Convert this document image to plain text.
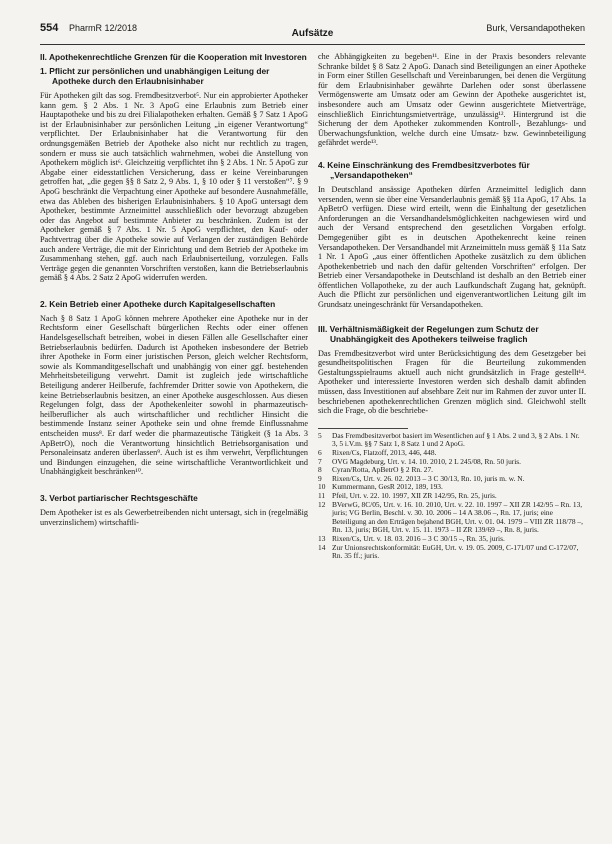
554 PharmR 12/2018	Aufsätze	Burk, Versandapotheken
II. Apothekenrechtliche Grenzen für die Kooperation mit Investoren
1. Pflicht zur persönlichen und unabhängigen Leitung der Apotheke durch den Erlaubnisinhaber

Für Apotheken gilt das sog. Fremdbesitzverbot⁵. Nur ein approbierter Apotheker kann gem. § 2 Abs. 1 Nr. 3 ApoG eine Erlaubnis zum Betrieb einer Hauptapotheke und bis zu drei Filialapotheken erhalten. Gemäß § 7 Satz 1 ApoG ist der Erlaubnisinhaber zur persönlichen Leitung „in eigener Verantwortung“ verpflichtet. Der Erlaubnisinhaber hat die Verantwortung für den ordnungsgemäßen Betrieb der Apotheke also nicht nur rechtlich zu tragen, sondern er muss sie auch tatsächlich wahrnehmen, wobei die Anstellung von Apothekern möglich ist⁶. Gleichzeitig verpflichtet ihn § 2 Abs. 1 Nr. 5 ApoG zur Abgabe einer eidesstattlichen Versicherung, dass er keine Vereinbarungen getroffen hat, „die gegen §§ 8 Satz 2, 9 Abs. 1, § 10 oder § 11 verstoßen“⁷. § 9 ApoG beschränkt die Verpachtung einer Apotheke auf besondere Ausnahmefälle, etwa das Ableben des bisherigen Erlaubnisinhabers. § 10 ApoG untersagt dem Apotheker, bestimmte Arzneimittel ausschließlich oder bevorzugt abzugeben oder das Angebot auf bestimmte Anbieter zu beschränken. Zudem ist der Apotheker gemäß § 7 Abs. 1 Nr. 5 ApoG verpflichtet, den Kauf- oder Pachtvertrag über die Apotheke sowie auf Verlangen der zuständigen Behörde auch andere Verträge, die mit der Einrichtung und dem Betrieb der Apotheke im Zusammenhang stehen, ggf. auch nach Erlaubniserteilung, vorzulegen. Falls Verträge gegen die genannten Vorschriften verstoßen, kann die Betriebserlaubnis gemäß § 4 Abs. 2 Satz 2 ApoG widerrufen werden.

2. Kein Betrieb einer Apotheke durch Kapitalgesellschaften

Nach § 8 Satz 1 ApoG können mehrere Apotheker eine Apotheke nur in der Rechtsform einer Gesellschaft bürgerlichen Rechts oder einer offenen Handelsgesellschaft betreiben, wobei in diesen Fällen alle Gesellschafter einer Betriebserlaubnis bedürfen. Dadurch ist Apotheken insbesondere der Betrieb ihrer Apotheke in Form einer juristischen Person, gleich welcher Rechtsform, sowie als Kommanditgesellschaft und unabhängig von einer ggf. bestehenden Mehrheitsbeteiligung verwehrt. Damit ist zugleich jede wirtschaftliche Beteiligung anderer Heilberufe, fachfremder Dritter sowie von Apothekern, die keine Betriebserlaubnis besitzen, an einer Apotheke ausgeschlossen. Aus diesen Regelungen folgt, dass der Apothekenleiter sowohl in pharmazeutisch-heilberuflicher als auch wirtschaftlicher und rechtlicher Hinsicht die bestimmende Instanz seiner Apotheke sein und ohne fremde Einflussnahme entscheiden muss⁸. Er darf weder die pharmazeutische Tätigkeit (§ 1a Abs. 3 ApBetrO), noch die Verantwortung hinsichtlich Betriebsorganisation und Personaleinsatz anderen überlassen⁹. Auch ist es ihm verwehrt, Verpflichtungen und Bindungen einzugehen, die seine wirtschaftliche Verantwortlichkeit und Unabhängigkeit beschränken¹⁰.

3. Verbot partiarischer Rechtsgeschäfte

Dem Apotheker ist es als Gewerbetreibenden nicht untersagt, sich in (regelmäßig unverzinslichem) wirtschaftli-

che Abhängigkeiten zu begeben¹¹. Eine in der Praxis besonders relevante Schranke bildet § 8 Satz 2 ApoG. Danach sind Beteiligungen an einer Apotheke in Form einer Stillen Gesellschaft und Vereinbarungen, bei denen die Vergütung für dem Erlaubnisinhaber gewährte Darlehen oder sonst überlassene Vermögenswerte am Umsatz oder am Gewinn der Apotheke ausgerichtet ist, insbesondere auch am Umsatz oder Gewinn ausgerichtete Mietverträge, einschließlich Einrichtungsmietverträge, unzulässig¹². Hintergrund ist die Sicherung der dem Apotheker zukommenden Kontroll-, Bezahlungs- und Überwachungsfunktion, welche durch eine Umsatz- bzw. Gewinnbeteiligung gefährdet werde¹³.

4. Keine Einschränkung des Fremdbesitzverbotes für „Versandapotheken“

In Deutschland ansässige Apotheken dürfen Arzneimittel lediglich dann versenden, wenn sie über eine Versanderlaubnis gemäß §§ 11a ApoG, 17 Abs. 1a ApBetrO verfügen. Diese wird erteilt, wenn die Einhaltung der gesetzlichen Anforderungen an die Versandhandelsmöglichkeiten nachgewiesen wird und auch der Versand entsprechend den gesetzlichen Vorgaben erfolgt. Demgegenüber gibt es in deutschen Apothekenrecht keine reinen Versandapotheken. Der Versandhandel mit Arzneimitteln muss gemäß § 11a Satz 1 Nr. 1 ApoG „aus einer öffentlichen Apotheke zusätzlich zu dem üblichen Apothekenbetrieb und nach den dafür geltenden Vorschriften“ erfolgen. Der Betrieb einer Versandapotheke in Deutschland ist deshalb an den Betrieb einer öffentlichen Vollapotheke, zu der auch Laufkundschaft Zugang hat, geknüpft. Auch die Pflicht zur persönlichen und eigenverantwortlichen Leitung gilt im Grundsatz uneingeschränkt für Versandapotheken.

III. Verhältnismäßigkeit der Regelungen zum Schutz der Unabhängigkeit des Apothekers teilweise fraglich

Das Fremdbesitzverbot wird unter Berücksichtigung des dem Gesetzgeber bei gesundheitspolitischen Fragen für die Beurteilung zukommenden Gestaltungsspielraums aktuell auch nicht grundsätzlich in Frage gestellt¹⁴. Apotheker und interessierte Investoren werden sich deshalb damit abfinden müssen, dass Investitionen auf absehbare Zeit nur im Rahmen der zuvor unter II. beschriebenen apothekenrechtlichen Grenzen möglich sind. Gleichwohl stellt sich die Frage, ob die beschriebe-

5	Das Fremdbesitzverbot basiert im Wesentlichen auf § 1 Abs. 2 und 3, § 2 Abs. 1 Nr. 3, 5 i.V.m. §§ 7 Satz 1, 8 Satz 1 und 2 ApoG.
6	Rixen/Cs, Flatzoff, 2013, 446, 448.
7	OVG Magdeburg, Urt. v. 14. 10. 2010, 2 L 245/08, Rn. 50 juris.
8	Cyran/Rotta, ApBetrO § 2 Rn. 27.
9	Rixen/Cs, Urt. v. 26. 02. 2013 – 3 C 30/13, Rn. 10, juris m. w. N.
10 Kummermann, GesR 2012, 189, 193.
11 Pfeil, Urt. v. 22. 10. 1997, XII ZR 142/95, Rn. 25, juris.
12 BVerwG, 8C/05, Urt. v. 16. 10. 2010, Urt. v. 22. 10. 1997 – XII ZR 142/95 – Rn. 13, juris; VG Berlin, Beschl. v. 30. 10. 2006 – 14 A 38.06 –, Rn. 17, juris; eine Beteiligung an den Erträgen bejahend BGH, Urt. v. 01. 04. 1979 – VIII ZR 118/78 –, Rn. 13, juris; BGH, Urt. v. 15. 11. 1973 – II ZR 139/69 –, Rn. 8, juris.
13 Rixen/Cs, Urt. v. 18. 03. 2016 – 3 C 30/15 –, Rn. 35, juris.
14 Zur Unionsrechtskonformität: EuGH, Urt. v. 19. 05. 2009, C-171/07 und C-172/07, Rn. 35 ff.; juris.
